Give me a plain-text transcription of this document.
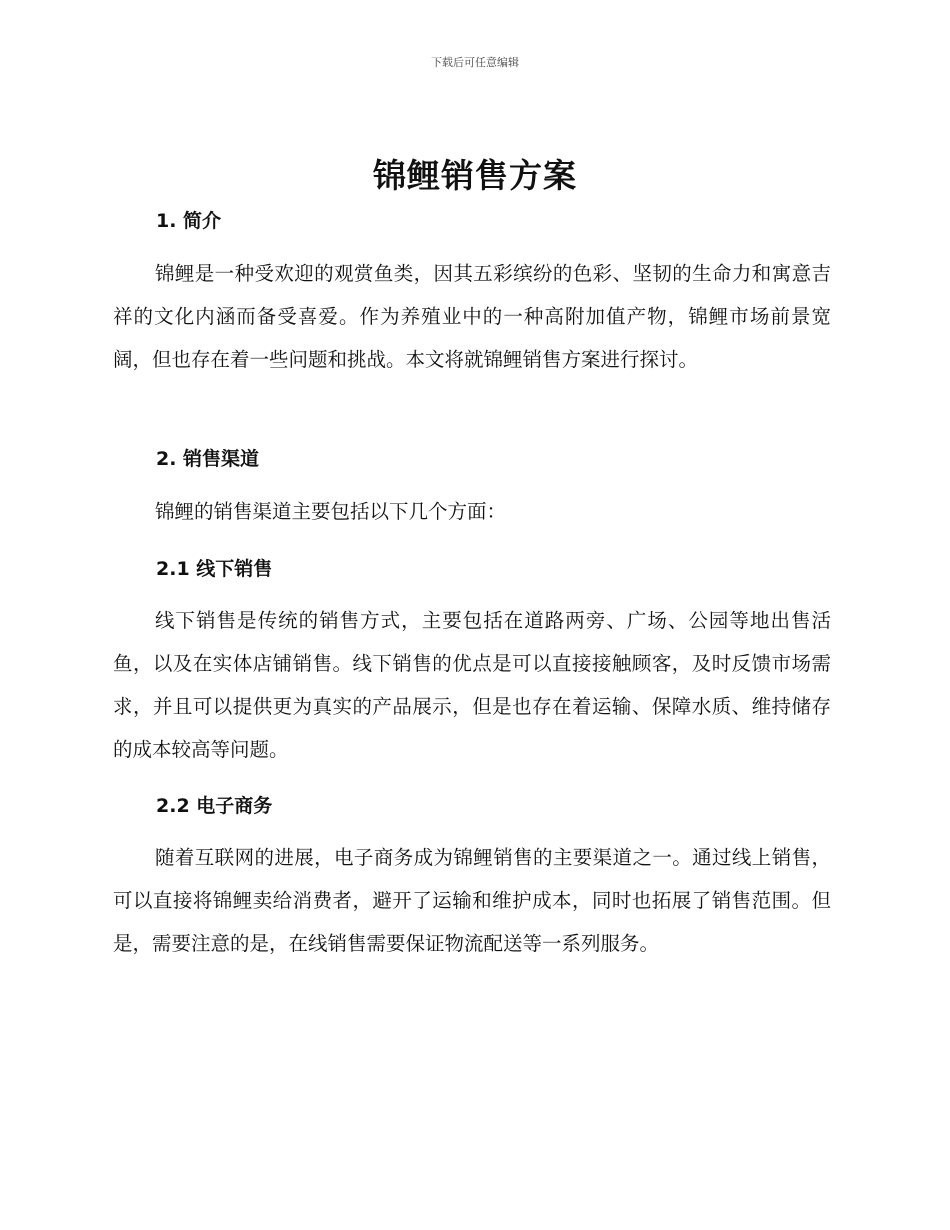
下载后可任意编辑
锦鲤销售方案
1. 简介

锦鲤是一种受欢迎的观赏鱼类，因其五彩缤纷的色彩、坚韧的生命力和寓意吉祥的文化内涵而备受喜爱。作为养殖业中的一种高附加值产物，锦鲤市场前景宽阔，但也存在着一些问题和挑战。本文将就锦鲤销售方案进行探讨。

2. 销售渠道

锦鲤的销售渠道主要包括以下几个方面：

2.1 线下销售

线下销售是传统的销售方式，主要包括在道路两旁、广场、公园等地出售活鱼，以及在实体店铺销售。线下销售的优点是可以直接接触顾客，及时反馈市场需求，并且可以提供更为真实的产品展示，但是也存在着运输、保障水质、维持储存的成本较高等问题。

2.2 电子商务

随着互联网的进展，电子商务成为锦鲤销售的主要渠道之一。通过线上销售，可以直接将锦鲤卖给消费者，避开了运输和维护成本，同时也拓展了销售范围。但是，需要注意的是，在线销售需要保证物流配送等一系列服务。
